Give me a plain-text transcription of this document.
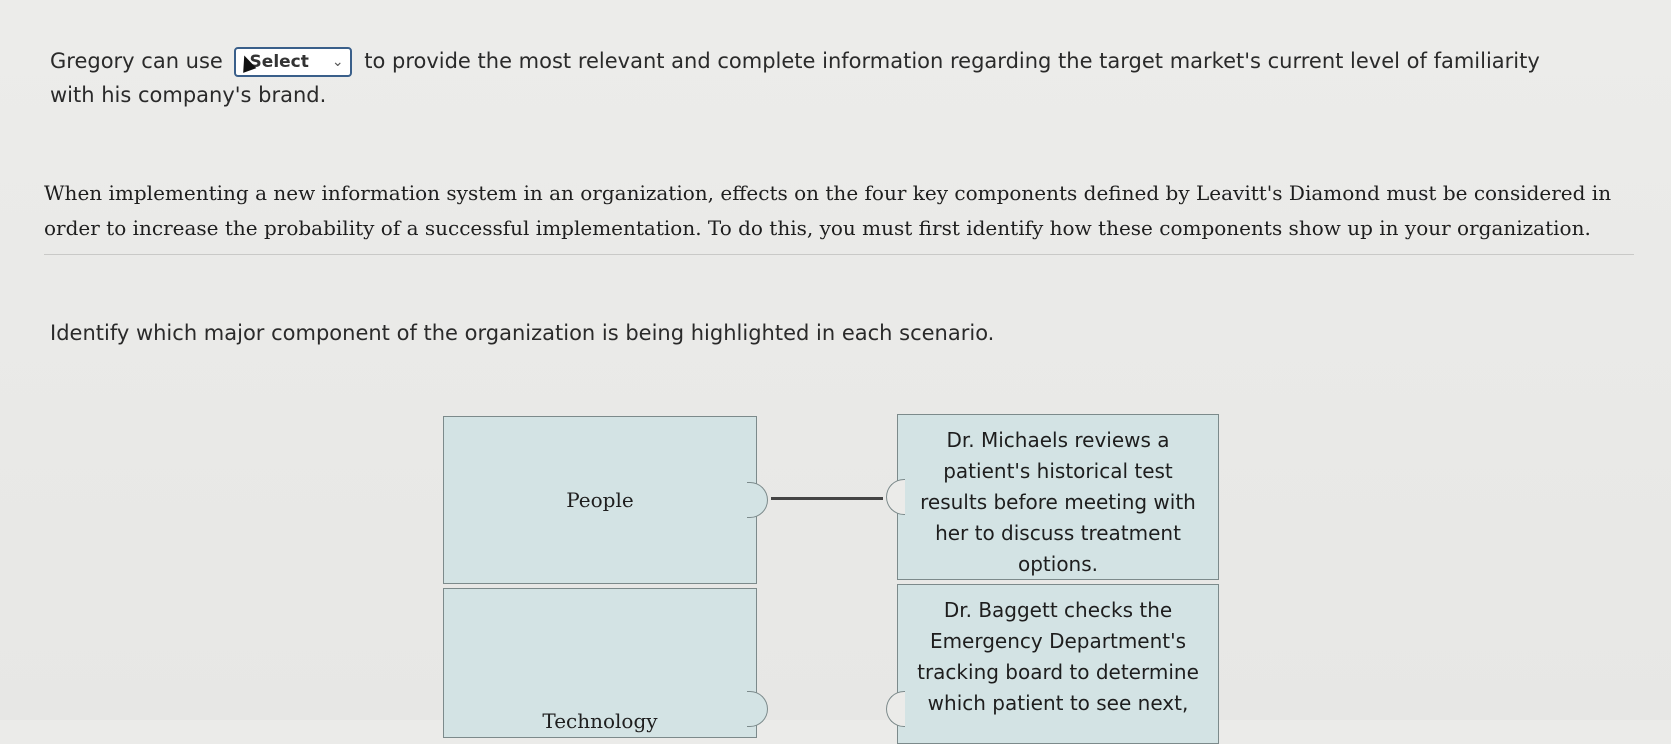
Gregory can use Select ⌄ to provide the most relevant and complete information regarding the target market's current level of familiarity with his company's brand.
When implementing a new information system in an organization, effects on the four key components defined by Leavitt's Diamond must be considered in order to increase the probability of a successful implementation. To do this, you must first identify how these components show up in your organization.
Identify which major component of the organization is being highlighted in each scenario.
People
Technology
Dr. Michaels reviews a patient's historical test results before meeting with her to discuss treatment options.
Dr. Baggett checks the Emergency Department's tracking board to determine which patient to see next,
